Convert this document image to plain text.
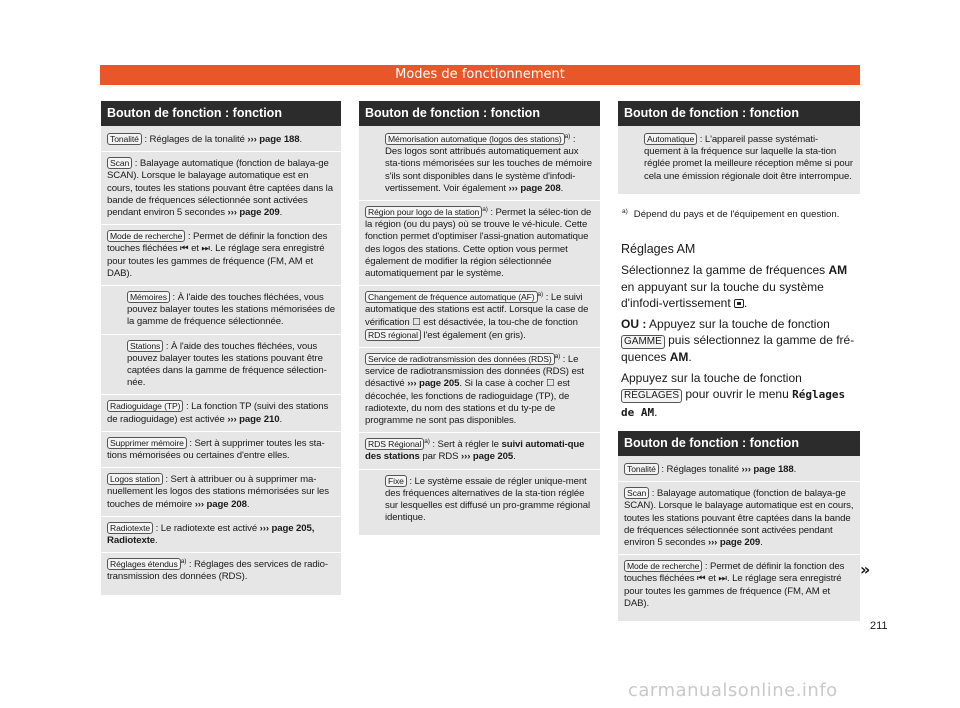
Modes de fonctionnement
Bouton de fonction : fonction
Tonalité : Réglages de la tonalité ››› page 188.
Scan : Balayage automatique (fonction de balaya-ge SCAN). Lorsque le balayage automatique est en cours, toutes les stations pouvant être captées dans la bande de fréquences sélectionnée sont activées pendant environ 5 secondes ››› page 209.
Mode de recherche : Permet de définir la fonction des touches fléchées ⏮ et ⏭. Le réglage sera enregistré pour toutes les gammes de fréquence (FM, AM et DAB).
Mémoires : À l'aide des touches fléchées, vous pouvez balayer toutes les stations mémorisées de la gamme de fréquence sélectionnée.
Stations : À l'aide des touches fléchées, vous pouvez balayer toutes les stations pouvant être captées dans la gamme de fréquence sélection-née.
Radioguidage (TP) : La fonction TP (suivi des stations de radioguidage) est activée ››› page 210.
Supprimer mémoire : Sert à supprimer toutes les sta-tions mémorisées ou certaines d'entre elles.
Logos station : Sert à attribuer ou à supprimer ma-nuellement les logos des stations mémorisées sur les touches de mémoire ››› page 208.
Radiotexte : Le radiotexte est activé ››› page 205, Radiotexte.
Réglages étendus $^{a)}$ : Réglages des services de radio-transmission des données (RDS).
Bouton de fonction : fonction
Mémorisation automatique (logos des stations) $^{a)}$ : Des logos sont attribués automatiquement aux sta-tions mémorisées sur les touches de mémoire s'ils sont disponibles dans le système d'infodi-vertissement. Voir également ››› page 208.
Région pour logo de la station $^{a)}$ : Permet la sélec-tion de la région (ou du pays) où se trouve le vé-hicule. Cette fonction permet d'optimiser l'assi-gnation automatique des logos des stations. Cette option vous permet également de modifier la région sélectionnée automatiquement par le système.
Changement de fréquence automatique (AF) $^{a)}$ : Le suivi automatique des stations est actif. Lorsque la case de vérification ☐ est désactivée, la tou-che de fonction RDS régional l'est également (en gris).
Service de radiotransmission des données (RDS) $^{a)}$ : Le service de radiotransmission des données (RDS) est désactivé ››› page 205. Si la case à cocher ☐ est décochée, les fonctions de radioguidage (TP), de radiotexte, du nom des stations et du ty-pe de programme ne sont pas disponibles.
RDS Régional $^{a)}$ : Sert à régler le suivi automati-que des stations par RDS ››› page 205.
Fixe : Le système essaie de régler unique-ment des fréquences alternatives de la sta-tion réglée sur lesquelles est diffusé un pro-gramme régional identique.
Bouton de fonction : fonction
Automatique : L'appareil passe systémati-quement à la fréquence sur laquelle la sta-tion réglée promet la meilleure réception même si pour cela une émission régionale doit être interrompue.
$^{a)}$ Dépend du pays et de l'équipement en question.
Réglages AM

Sélectionnez la gamme de fréquences AM en appuyant sur la touche du système d'infodi-vertissement .

OU : Appuyez sur la touche de fonction GAMME puis sélectionnez la gamme de fré-quences AM.

Appuyez sur la touche de fonction RÉGLAGES pour ouvrir le menu Réglages de AM.

Bouton de fonction : fonction
Tonalité : Réglages tonalité ››› page 188.
Scan : Balayage automatique (fonction de balaya-ge SCAN). Lorsque le balayage automatique est en cours, toutes les stations pouvant être captées dans la bande de fréquences sélectionnée sont activées pendant environ 5 secondes ››› page 209.
Mode de recherche : Permet de définir la fonction des touches fléchées ⏮ et ⏭. Le réglage sera enregistré pour toutes les gammes de fréquence (FM, AM et DAB).
»
211
carmanualsonline.info
